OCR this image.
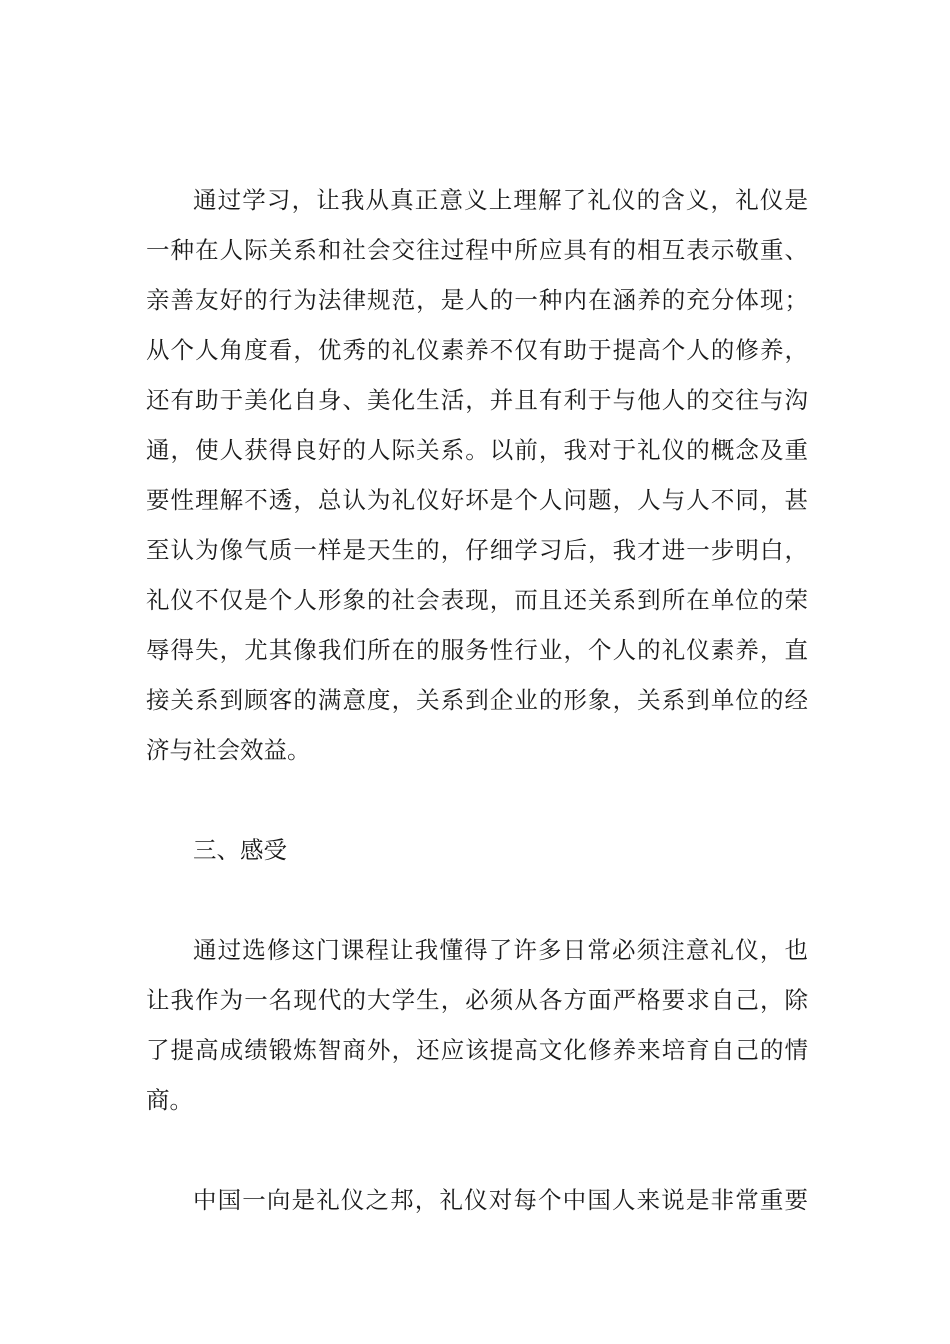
通过学习，让我从真正意义上理解了礼仪的含义，礼仪是
一种在人际关系和社会交往过程中所应具有的相互表示敬重、
亲善友好的行为法律规范，是人的一种内在涵养的充分体现；
从个人角度看，优秀的礼仪素养不仅有助于提高个人的修养，
还有助于美化自身、美化生活，并且有利于与他人的交往与沟
通，使人获得良好的人际关系。以前，我对于礼仪的概念及重
要性理解不透，总认为礼仪好坏是个人问题，人与人不同，甚
至认为像气质一样是天生的，仔细学习后，我才进一步明白，
礼仪不仅是个人形象的社会表现，而且还关系到所在单位的荣
辱得失，尤其像我们所在的服务性行业，个人的礼仪素养，直
接关系到顾客的满意度，关系到企业的形象，关系到单位的经
济与社会效益。
三、感受
通过选修这门课程让我懂得了许多日常必须注意礼仪，也
让我作为一名现代的大学生，必须从各方面严格要求自己，除
了提高成绩锻炼智商外，还应该提高文化修养来培育自己的情
商。
中国一向是礼仪之邦，礼仪对每个中国人来说是非常重要
